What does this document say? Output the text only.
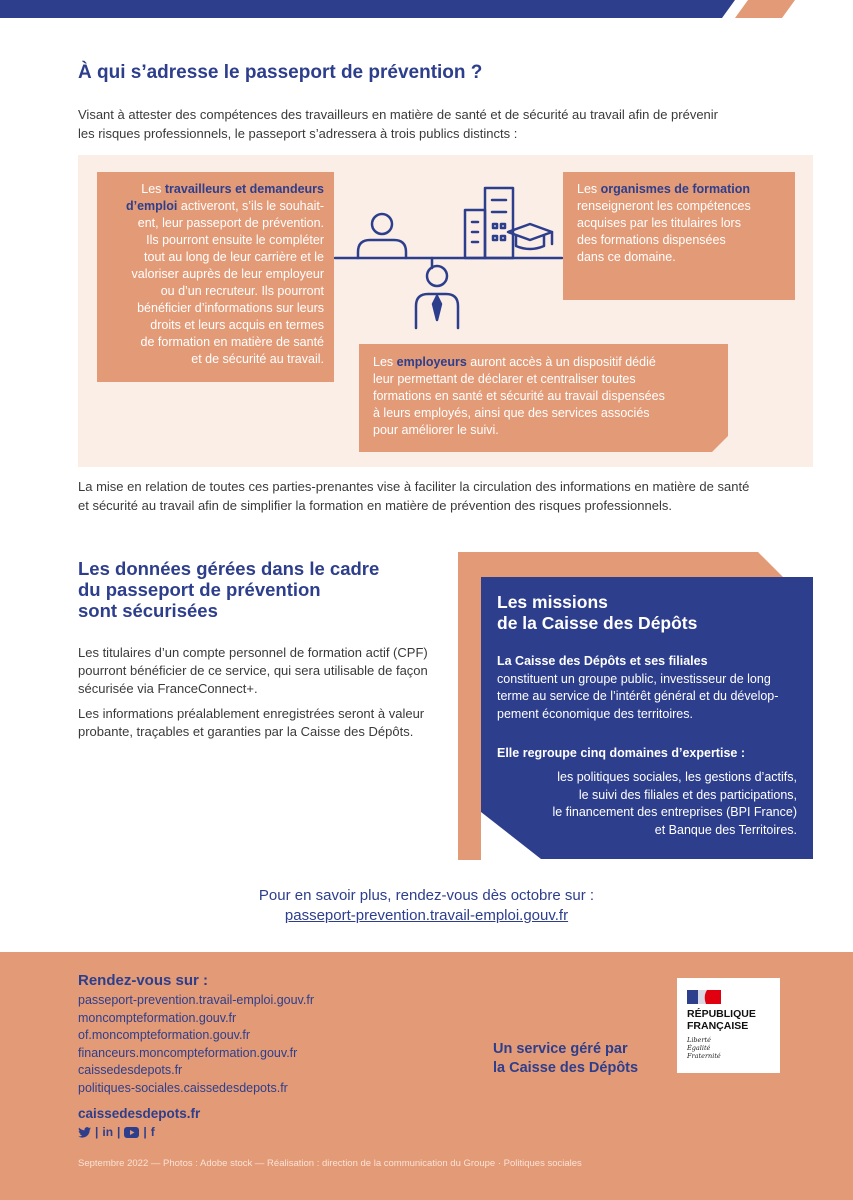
À qui s’adresse le passeport de prévention ?
Visant à attester des compétences des travailleurs en matière de santé et de sécurité au travail afin de prévenir
les risques professionnels, le passeport s’adressera à trois publics distincts :
Les travailleurs et demandeurs
d’emploi activeront, s’ils le souhait-
ent, leur passeport de prévention.
Ils pourront ensuite le compléter
tout au long de leur carrière et le
valoriser auprès de leur employeur
ou d’un recruteur. Ils pourront
bénéficier d’informations sur leurs
droits et leurs acquis en termes
de formation en matière de santé
et de sécurité au travail.
Les organismes de formation
renseigneront les compétences
acquises par les titulaires lors
des formations dispensées
dans ce domaine.
Les employeurs auront accès à un dispositif dédié
leur permettant de déclarer et centraliser toutes
formations en santé et sécurité au travail dispensées
à leurs employés, ainsi que des services associés
pour améliorer le suivi.
La mise en relation de toutes ces parties-prenantes vise à faciliter la circulation des informations en matière de santé
et sécurité au travail afin de simplifier la formation en matière de prévention des risques professionnels.
Les données gérées dans le cadre
du passeport de prévention
sont sécurisées
Les titulaires d’un compte personnel de formation actif (CPF)
pourront bénéficier de ce service, qui sera utilisable de façon
sécurisée via FranceConnect+.
Les informations préalablement enregistrées seront à valeur
probante, traçables et garanties par la Caisse des Dépôts.
Les missions
de la Caisse des Dépôts
La Caisse des Dépôts et ses filiales
constituent un groupe public, investisseur de long
terme au service de l’intérêt général et du dévelop-
pement économique des territoires.
Elle regroupe cinq domaines d’expertise :
les politiques sociales, les gestions d’actifs,
le suivi des filiales et des participations,
le financement des entreprises (BPI France)
et Banque des Territoires.
Pour en savoir plus, rendez-vous dès octobre sur :
passeport-prevention.travail-emploi.gouv.fr
Rendez-vous sur :
passeport-prevention.travail-emploi.gouv.fr
moncompteformation.gouv.fr
of.moncompteformation.gouv.fr
financeurs.moncompteformation.gouv.fr
caissedesdepots.fr
politiques-sociales.caissedesdepots.fr
caissedesdepots.fr
| in | | f
Un service géré par
la Caisse des Dépôts
RÉPUBLIQUE
FRANÇAISE
Liberté
Égalité
Fraternité
Septembre 2022 — Photos : Adobe stock — Réalisation : direction de la communication du Groupe · Politiques sociales
